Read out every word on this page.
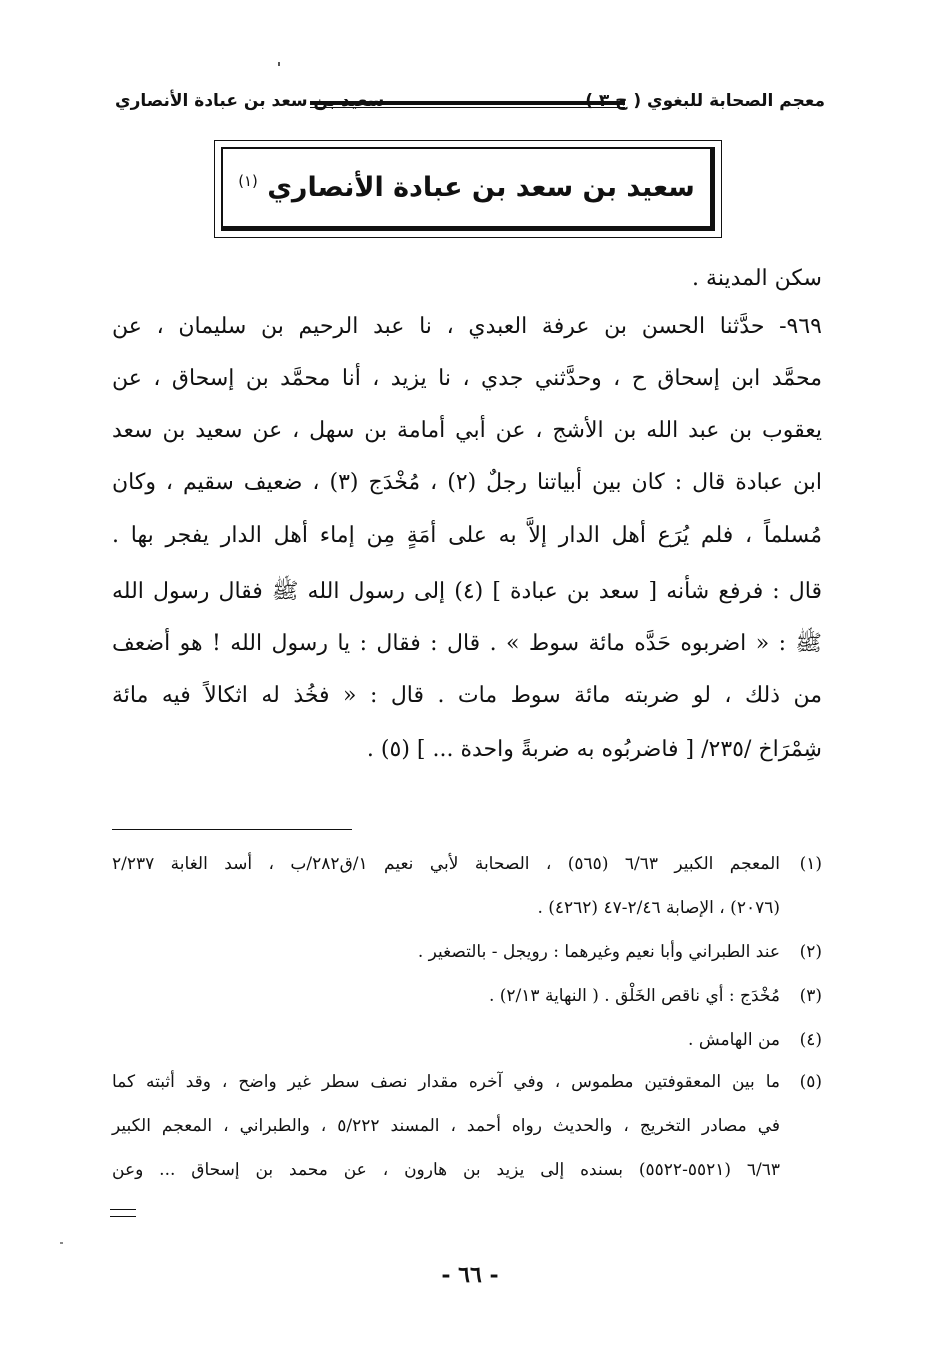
معجم الصحابة للبغوي ( ج ٣ )
سعيد بن سعد بن عبادة الأنصاري
سعيد بن سعد بن عبادة الأنصاري $^{(١)}$
سكن المدينة .
٩٦٩- حدَّثنا الحسن بن عرفة العبدي ، نا عبد الرحيم بن سليمان ، عن
محمَّد ابن إسحاق ح ، وحدَّثني جدي ، نا يزيد ، أنا محمَّد بن إسحاق ، عن
يعقوب بن عبد الله بن الأشج ، عن أبي أمامة بن سهل ، عن سعيد بن سعد
ابن عبادة قال : كان بين أبياتنا رجلٌ (٢) ، مُخْدَج (٣) ، ضعيف سقيم ، وكان
مُسلماً ، فلم يُرَع أهل الدار إلاَّ به على أمَةٍ مِن إماء أهل الدار يفجر بها .
قال : فرفع شأنه [ سعد بن عبادة ] (٤) إلى رسول الله ﷺ فقال رسول الله
ﷺ : « اضربوه حَدَّه مائة سوط » . قال : فقال : يا رسول الله ! هو أضعف
من ذلك ، لو ضربته مائة سوط مات . قال : « فخُذ له اثكالاً فيه مائة
شِمْرَاخ /٢٣٥/ [ فاضربُوه به ضربةً واحدة ... ] (٥) .
(١)المعجم الكبير ٦/٦٣ (٥٦٥) ، الصحابة لأبي نعيم ١/ق٢٨٢/ب ، أسد الغابة ٢/٢٣٧
(٢٠٧٦) ، الإصابة ٢/٤٦-٤٧ (٤٢٦٢) .
(٢)عند الطبراني وأبا نعيم وغيرهما : رويجل - بالتصغير .
(٣)مُخْدَج : أي ناقص الخَلْق . ( النهاية ٢/١٣) .
(٤)من الهامش .
(٥)ما بين المعقوفتين مطموس ، وفي آخره مقدار نصف سطر غير واضح ، وقد أثبته كما
في مصادر التخريج ، والحديث رواه أحمد ، المسند ٥/٢٢٢ ، والطبراني ، المعجم الكبير
٦/٦٣ (٥٥٢١-٥٥٢٢) بسنده إلى يزيد بن هارون ، عن محمد بن إسحاق ... وعن
- ٦٦ -
